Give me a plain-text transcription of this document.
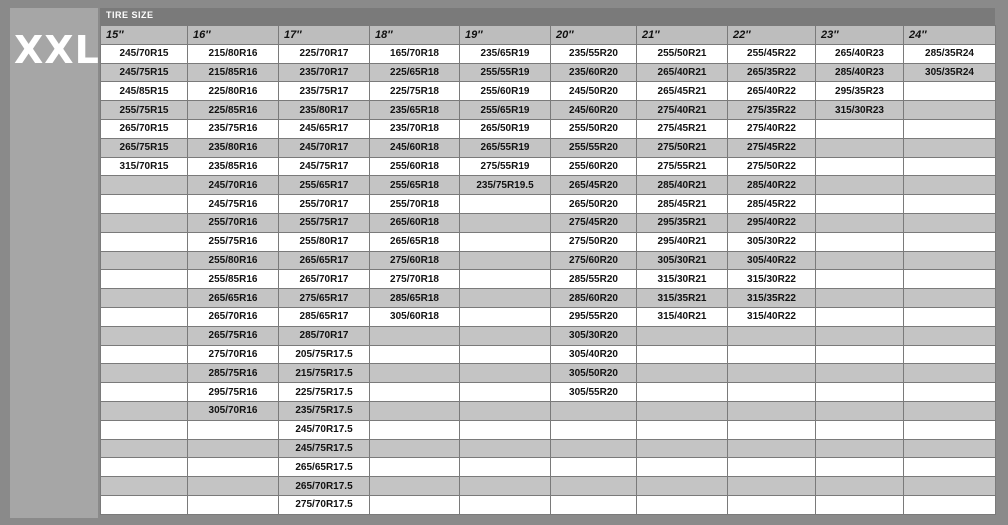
XXL
TIRE SIZE
15″	16″	17″	18″	19″	20″	21″	22″	23″	24″
245/70R15	215/80R16	225/70R17	165/70R18	235/65R19	235/55R20	255/50R21	255/45R22	265/40R23	285/35R24
245/75R15	215/85R16	235/70R17	225/65R18	255/55R19	235/60R20	265/40R21	265/35R22	285/40R23	305/35R24
245/85R15	225/80R16	235/75R17	225/75R18	255/60R19	245/50R20	265/45R21	265/40R22	295/35R23	
255/75R15	225/85R16	235/80R17	235/65R18	255/65R19	245/60R20	275/40R21	275/35R22	315/30R23	
265/70R15	235/75R16	245/65R17	235/70R18	265/50R19	255/50R20	275/45R21	275/40R22		
265/75R15	235/80R16	245/70R17	245/60R18	265/55R19	255/55R20	275/50R21	275/45R22		
315/70R15	235/85R16	245/75R17	255/60R18	275/55R19	255/60R20	275/55R21	275/50R22		
	245/70R16	255/65R17	255/65R18	235/75R19.5	265/45R20	285/40R21	285/40R22		
	245/75R16	255/70R17	255/70R18		265/50R20	285/45R21	285/45R22		
	255/70R16	255/75R17	265/60R18		275/45R20	295/35R21	295/40R22		
	255/75R16	255/80R17	265/65R18		275/50R20	295/40R21	305/30R22		
	255/80R16	265/65R17	275/60R18		275/60R20	305/30R21	305/40R22		
	255/85R16	265/70R17	275/70R18		285/55R20	315/30R21	315/30R22		
	265/65R16	275/65R17	285/65R18		285/60R20	315/35R21	315/35R22		
	265/70R16	285/65R17	305/60R18		295/55R20	315/40R21	315/40R22		
	265/75R16	285/70R17			305/30R20				
	275/70R16	205/75R17.5			305/40R20				
	285/75R16	215/75R17.5			305/50R20				
	295/75R16	225/75R17.5			305/55R20				
	305/70R16	235/75R17.5							
		245/70R17.5							
		245/75R17.5							
		265/65R17.5							
		265/70R17.5							
		275/70R17.5							
